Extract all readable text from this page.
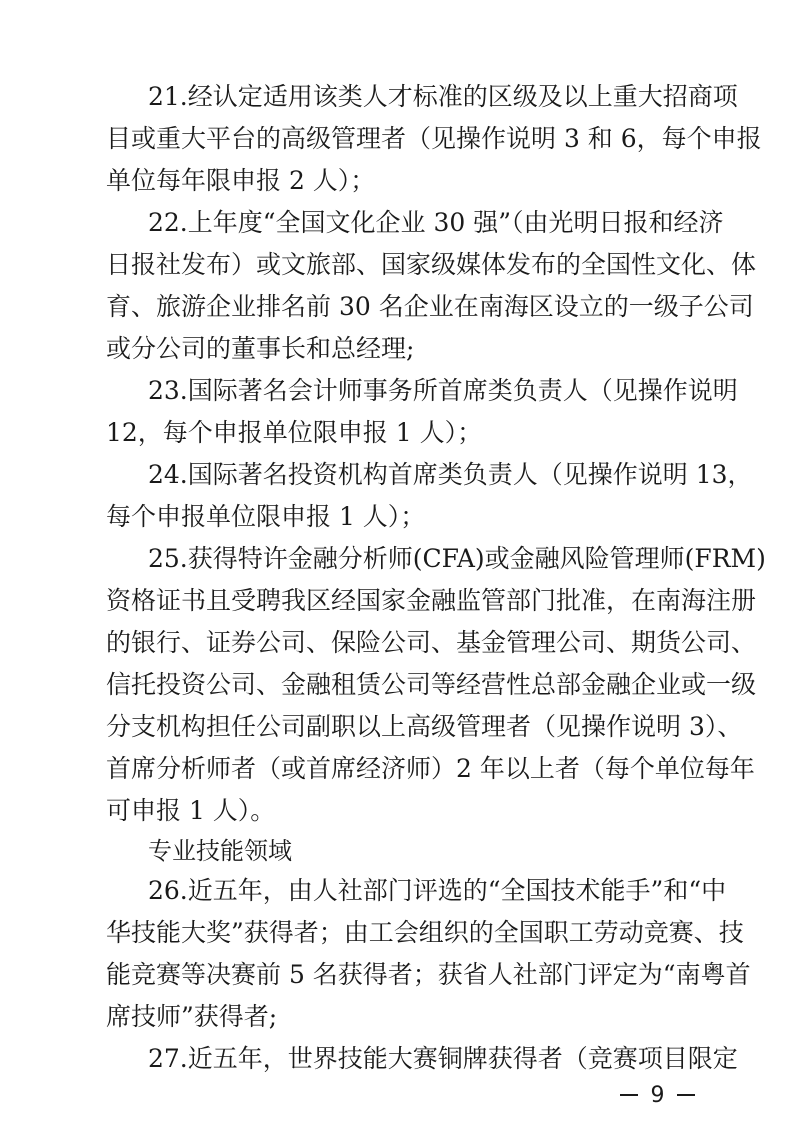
21.经认定适用该类人才标准的区级及以上重大招商项
目或重大平台的高级管理者（见操作说明 3 和 6，每个申报
单位每年限申报 2 人）；
22.上年度“全国文化企业 30 强”（由光明日报和经济
日报社发布）或文旅部、国家级媒体发布的全国性文化、体
育、旅游企业排名前 30 名企业在南海区设立的一级子公司
或分公司的董事长和总经理;
23.国际著名会计师事务所首席类负责人（见操作说明
12，每个申报单位限申报 1 人）；
24.国际著名投资机构首席类负责人（见操作说明 13，
每个申报单位限申报 1 人）；
25.获得特许金融分析师(CFA)或金融风险管理师(FRM)
资格证书且受聘我区经国家金融监管部门批准，在南海注册
的银行、证券公司、保险公司、基金管理公司、期货公司、
信托投资公司、金融租赁公司等经营性总部金融企业或一级
分支机构担任公司副职以上高级管理者（见操作说明 3）、
首席分析师者（或首席经济师）2 年以上者（每个单位每年
可申报 1 人）。
专业技能领域
26.近五年，由人社部门评选的“全国技术能手”和“中
华技能大奖”获得者；由工会组织的全国职工劳动竞赛、技
能竞赛等决赛前 5 名获得者；获省人社部门评定为“南粤首
席技师”获得者;
27.近五年，世界技能大赛铜牌获得者（竞赛项目限定
9
